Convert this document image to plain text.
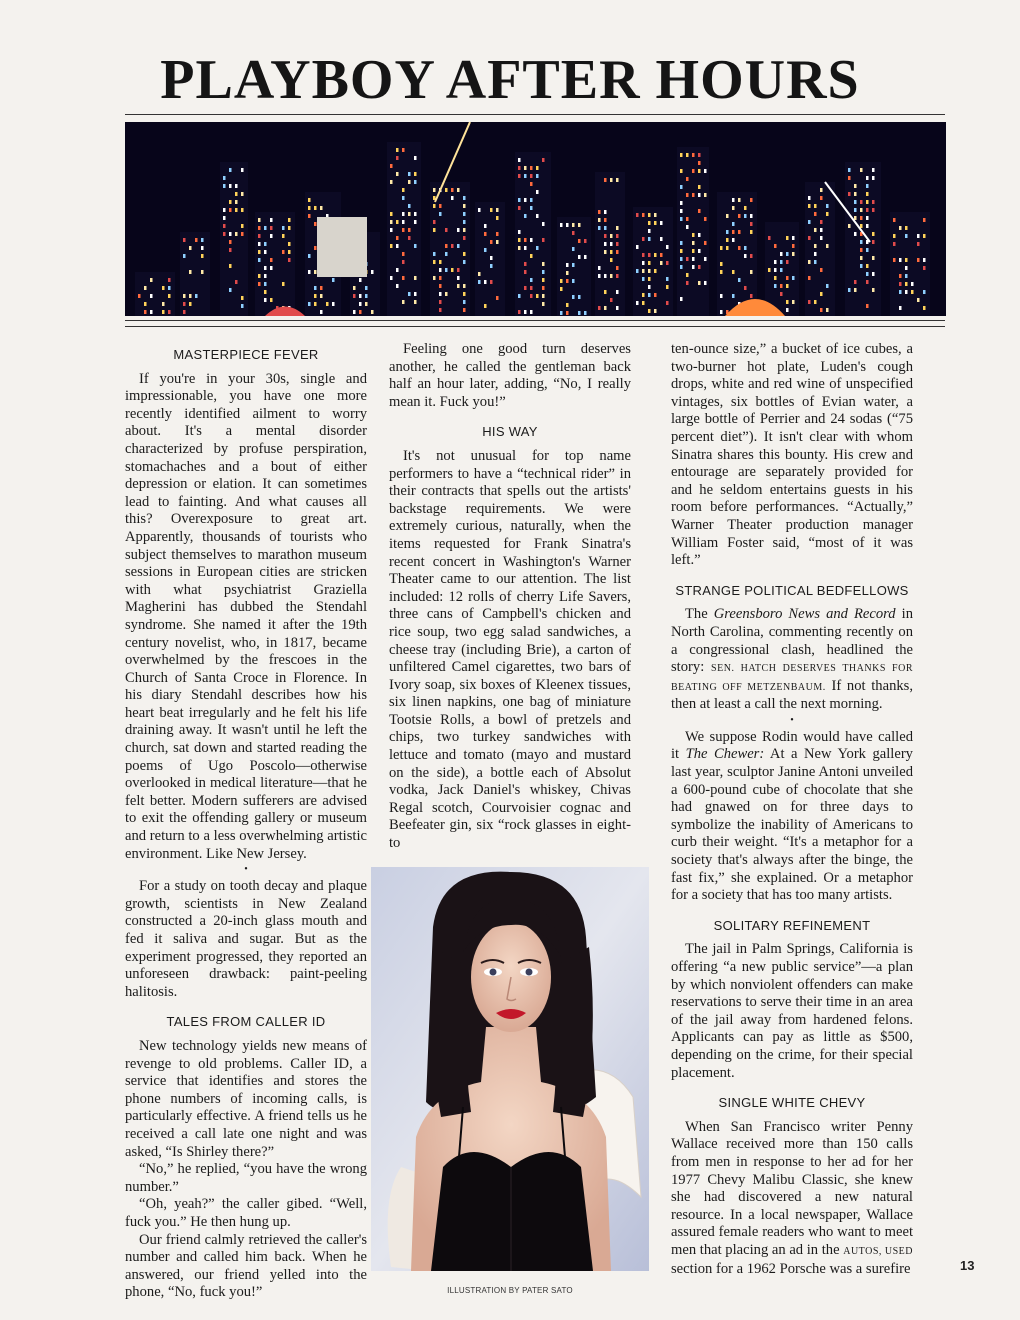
PLAYBOY AFTER HOURS
MASTERPIECE FEVER

If you're in your 30s, single and impressionable, you have one more recently identified ailment to worry about. It's a mental disorder characterized by profuse perspiration, stomachaches and a bout of either depression or elation. It can sometimes lead to fainting. And what causes all this? Overexposure to great art. Apparently, thousands of tourists who subject themselves to marathon museum sessions in European cities are stricken with what psychiatrist Graziella Magherini has dubbed the Stendahl syndrome. She named it after the 19th century novelist, who, in 1817, became overwhelmed by the frescoes in the Church of Santa Croce in Florence. In his diary Stendahl describes how his heart beat irregularly and he felt his life draining away. It wasn't until he left the church, sat down and started reading the poems of Ugo Poscolo—otherwise overlooked in medical literature—that he felt better. Modern sufferers are advised to exit the offending gallery or museum and return to a less overwhelming artistic environment. Like New Jersey.

•

For a study on tooth decay and plaque growth, scientists in New Zealand constructed a 20-inch glass mouth and fed it saliva and sugar. But as the experiment progressed, they reported an unforeseen drawback: paint-peeling halitosis.

TALES FROM CALLER ID

New technology yields new means of revenge to old problems. Caller ID, a service that identifies and stores the phone numbers of incoming calls, is particularly effective. A friend tells us he received a call late one night and was asked, “Is Shirley there?”

“No,” he replied, “you have the wrong number.”

“Oh, yeah?” the caller gibed. “Well, fuck you.” He then hung up.

Our friend calmly retrieved the caller's number and called him back. When he answered, our friend yelled into the phone, “No, fuck you!”

Feeling one good turn deserves another, he called the gentleman back half an hour later, adding, “No, I really mean it. Fuck you!”

HIS WAY

It's not unusual for top name performers to have a “technical rider” in their contracts that spells out the artists' backstage requirements. We were extremely curious, naturally, when the items requested for Frank Sinatra's recent concert in Washington's Warner Theater came to our attention. The list included: 12 rolls of cherry Life Savers, three cans of Campbell's chicken and rice soup, two egg salad sandwiches, a cheese tray (including Brie), a carton of unfiltered Camel cigarettes, two bars of Ivory soap, six boxes of Kleenex tissues, six linen napkins, one bag of miniature Tootsie Rolls, a bowl of pretzels and chips, two turkey sandwiches with lettuce and tomato (mayo and mustard on the side), a bottle each of Absolut vodka, Jack Daniel's whiskey, Chivas Regal scotch, Courvoisier cognac and Beefeater gin, six “rock glasses in eight- to

ten-ounce size,” a bucket of ice cubes, a two-burner hot plate, Luden's cough drops, white and red wine of unspecified vintages, six bottles of Evian water, a large bottle of Perrier and 24 sodas (“75 percent diet”). It isn't clear with whom Sinatra shares this bounty. His crew and entourage are separately provided for and he seldom entertains guests in his room before performances. “Actually,” Warner Theater production manager William Foster said, “most of it was left.”

STRANGE POLITICAL BEDFELLOWS

The Greensboro News and Record in North Carolina, commenting recently on a congressional clash, headlined the story: SEN. HATCH DESERVES THANKS FOR BEATING OFF METZENBAUM. If not thanks, then at least a call the next morning.

•

We suppose Rodin would have called it The Chewer: At a New York gallery last year, sculptor Janine Antoni unveiled a 600-pound cube of chocolate that she had gnawed on for three days to symbolize the inability of Americans to curb their weight. “It's a metaphor for a society that's always after the binge, the fast fix,” she explained. Or a metaphor for a society that has too many artists.

SOLITARY REFINEMENT

The jail in Palm Springs, California is offering “a new public service”—a plan by which nonviolent offenders can make reservations to serve their time in an area of the jail away from hardened felons. Applicants can pay as little as $500, depending on the crime, for their special placement.

SINGLE WHITE CHEVY

When San Francisco writer Penny Wallace received more than 150 calls from men in response to her ad for her 1977 Chevy Malibu Classic, she knew she had discovered a new natural resource. In a local newspaper, Wallace assured female readers who want to meet men that placing an ad in the AUTOS, USED section for a 1962 Porsche was a surefire

ILLUSTRATION BY PATER SATO
13
